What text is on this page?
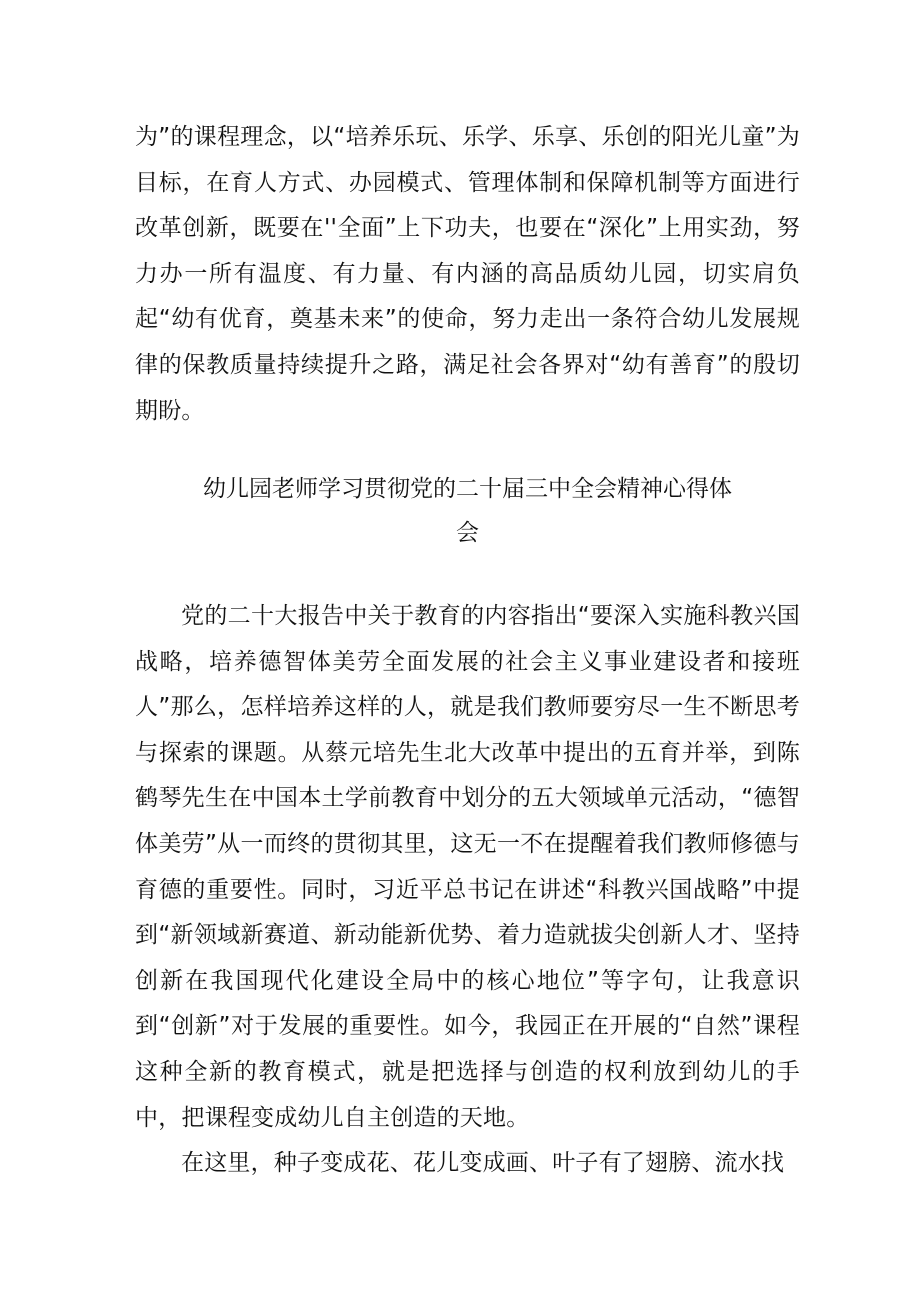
为”的课程理念，以“培养乐玩、乐学、乐享、乐创的阳光儿童”为目标，在育人方式、办园模式、管理体制和保障机制等方面进行改革创新，既要在''全面”上下功夫，也要在“深化”上用实劲，努力办一所有温度、有力量、有内涵的高品质幼儿园，切实肩负起“幼有优育，奠基未来”的使命，努力走出一条符合幼儿发展规律的保教质量持续提升之路，满足社会各界对“幼有善育”的殷切期盼。

幼儿园老师学习贯彻党的二十届三中全会精神心得体
会

党的二十大报告中关于教育的内容指出“要深入实施科教兴国战略，培养德智体美劳全面发展的社会主义事业建设者和接班人”那么，怎样培养这样的人，就是我们教师要穷尽一生不断思考与探索的课题。从蔡元培先生北大改革中提出的五育并举，到陈鹤琴先生在中国本土学前教育中划分的五大领域单元活动，“德智体美劳”从一而终的贯彻其里，这无一不在提醒着我们教师修德与育德的重要性。同时，习近平总书记在讲述“科教兴国战略”中提到“新领域新赛道、新动能新优势、着力造就拔尖创新人才、坚持创新在我国现代化建设全局中的核心地位”等字句，让我意识到“创新”对于发展的重要性。如今，我园正在开展的“自然”课程这种全新的教育模式，就是把选择与创造的权利放到幼儿的手中，把课程变成幼儿自主创造的天地。

在这里，种子变成花、花儿变成画、叶子有了翅膀、流水找
